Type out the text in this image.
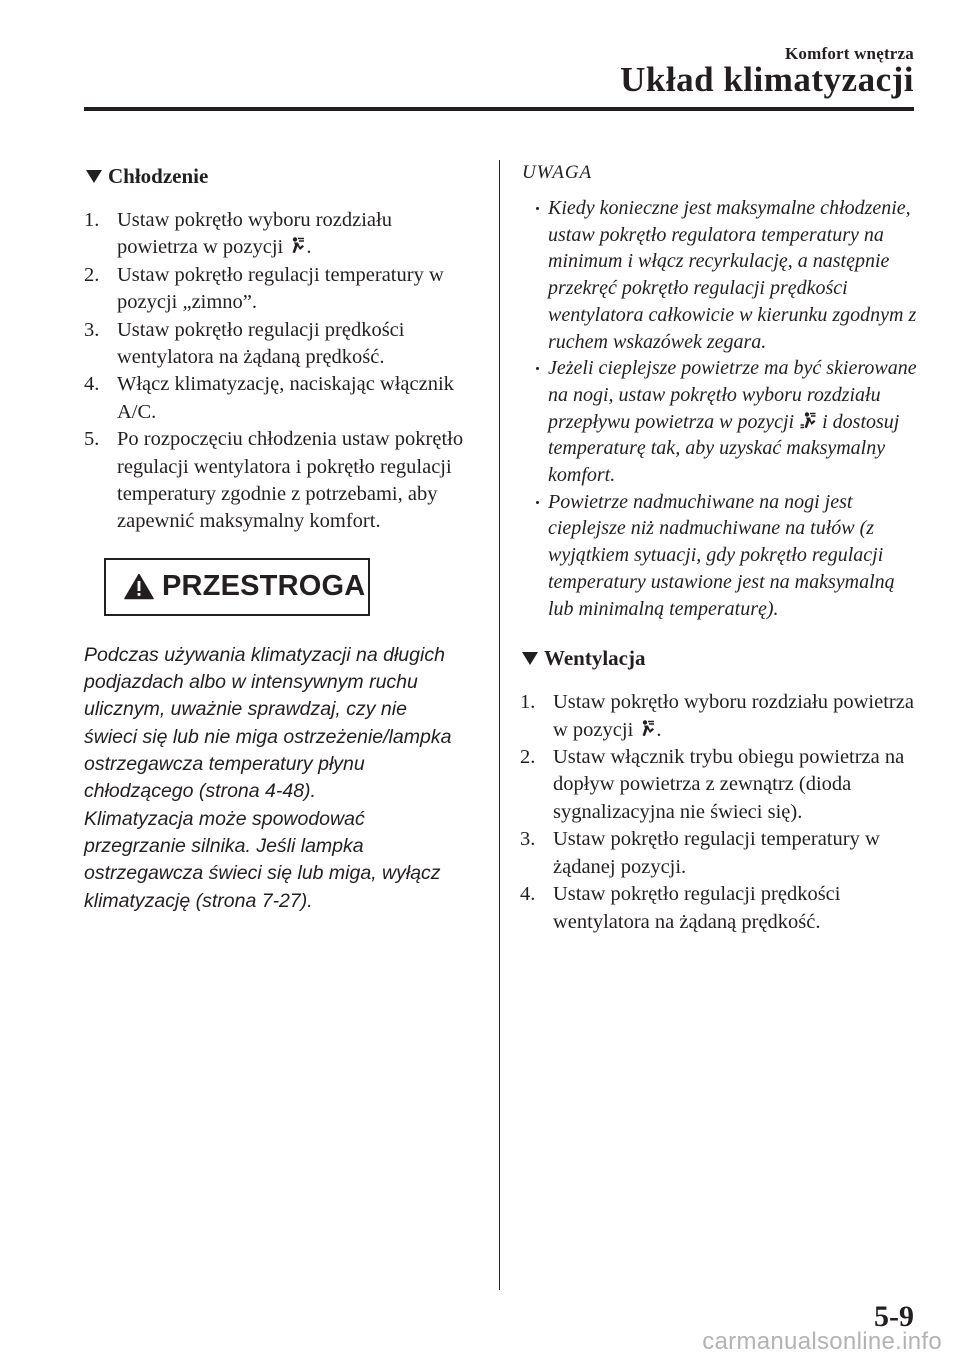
Komfort wnętrza
Układ klimatyzacji
Chłodzenie
1. Ustaw pokrętło wyboru rozdziału powietrza w pozycji .
2. Ustaw pokrętło regulacji temperatury w pozycji „zimno”.
3. Ustaw pokrętło regulacji prędkości wentylatora na żądaną prędkość.
4. Włącz klimatyzację, naciskając włącznik A/C.
5. Po rozpoczęciu chłodzenia ustaw pokrętło regulacji wentylatora i pokrętło regulacji temperatury zgodnie z potrzebami, aby zapewnić maksymalny komfort.
PRZESTROGA

Podczas używania klimatyzacji na długich
podjazdach albo w intensywnym ruchu
ulicznym, uważnie sprawdzaj, czy nie
świeci się lub nie miga ostrzeżenie/lampka
ostrzegawcza temperatury płynu
chłodzącego (strona 4-48).
Klimatyzacja może spowodować
przegrzanie silnika. Jeśli lampka
ostrzegawcza świeci się lub miga, wyłącz
klimatyzację (strona 7-27).

UWAGA
Kiedy konieczne jest maksymalne chłodzenie, ustaw pokrętło regulatora temperatury na minimum i włącz recyrkulację, a następnie przekręć pokrętło regulacji prędkości wentylatora całkowicie w kierunku zgodnym z ruchem wskazówek zegara.
Jeżeli cieplejsze powietrze ma być skierowane na nogi, ustaw pokrętło wyboru rozdziału przepływu powietrza w pozycji i dostosuj temperaturę tak, aby uzyskać maksymalny komfort.
Powietrze nadmuchiwane na nogi jest cieplejsze niż nadmuchiwane na tułów (z wyjątkiem sytuacji, gdy pokrętło regulacji temperatury ustawione jest na maksymalną lub minimalną temperaturę).
Wentylacja
1. Ustaw pokrętło wyboru rozdziału powietrza w pozycji .
2. Ustaw włącznik trybu obiegu powietrza na dopływ powietrza z zewnątrz (dioda sygnalizacyjna nie świeci się).
3. Ustaw pokrętło regulacji temperatury w żądanej pozycji.
4. Ustaw pokrętło regulacji prędkości wentylatora na żądaną prędkość.
5-9
carmanualsonline.info
